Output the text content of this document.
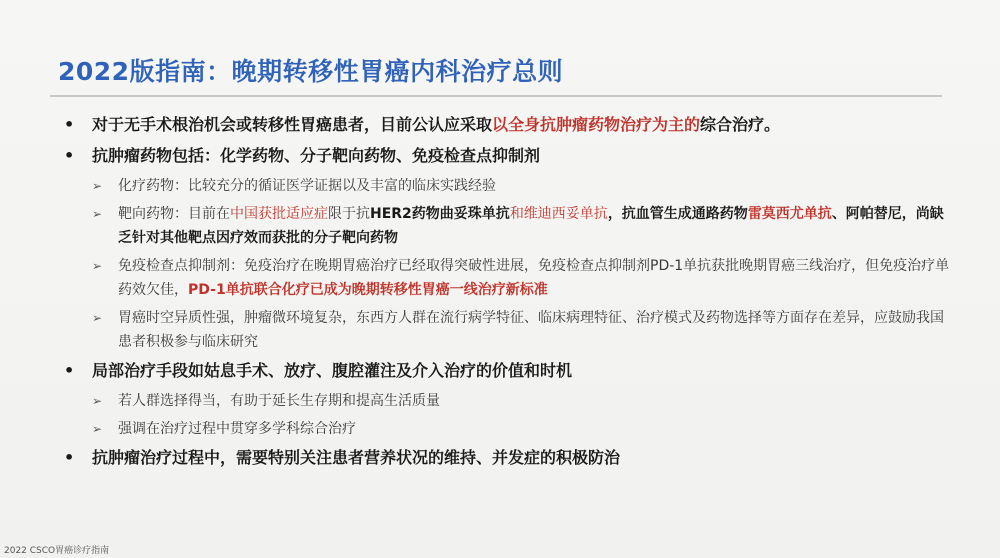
2022版指南：晚期转移性胃癌内科治疗总则
• 对于无手术根治机会或转移性胃癌患者，目前公认应采取以全身抗肿瘤药物治疗为主的综合治疗。
• 抗肿瘤药物包括：化学药物、分子靶向药物、免疫检查点抑制剂
➢ 化疗药物：比较充分的循证医学证据以及丰富的临床实践经验
➢ 靶向药物：目前在中国获批适应症限于抗HER2药物曲妥珠单抗和维迪西妥单抗，抗血管生成通路药物雷莫西尤单抗、阿帕替尼，尚缺乏针对其他靶点因疗效而获批的分子靶向药物
➢ 免疫检查点抑制剂：免疫治疗在晚期胃癌治疗已经取得突破性进展，免疫检查点抑制剂PD-1单抗获批晚期胃癌三线治疗，但免疫治疗单药效欠佳，PD-1单抗联合化疗已成为晚期转移性胃癌一线治疗新标准
➢ 胃癌时空异质性强，肿瘤微环境复杂，东西方人群在流行病学特征、临床病理特征、治疗模式及药物选择等方面存在差异，应鼓励我国患者积极参与临床研究
• 局部治疗手段如姑息手术、放疗、腹腔灌注及介入治疗的价值和时机
➢ 若人群选择得当，有助于延长生存期和提高生活质量
➢ 强调在治疗过程中贯穿多学科综合治疗
• 抗肿瘤治疗过程中，需要特别关注患者营养状况的维持、并发症的积极防治
2022 CSCO胃癌诊疗指南
